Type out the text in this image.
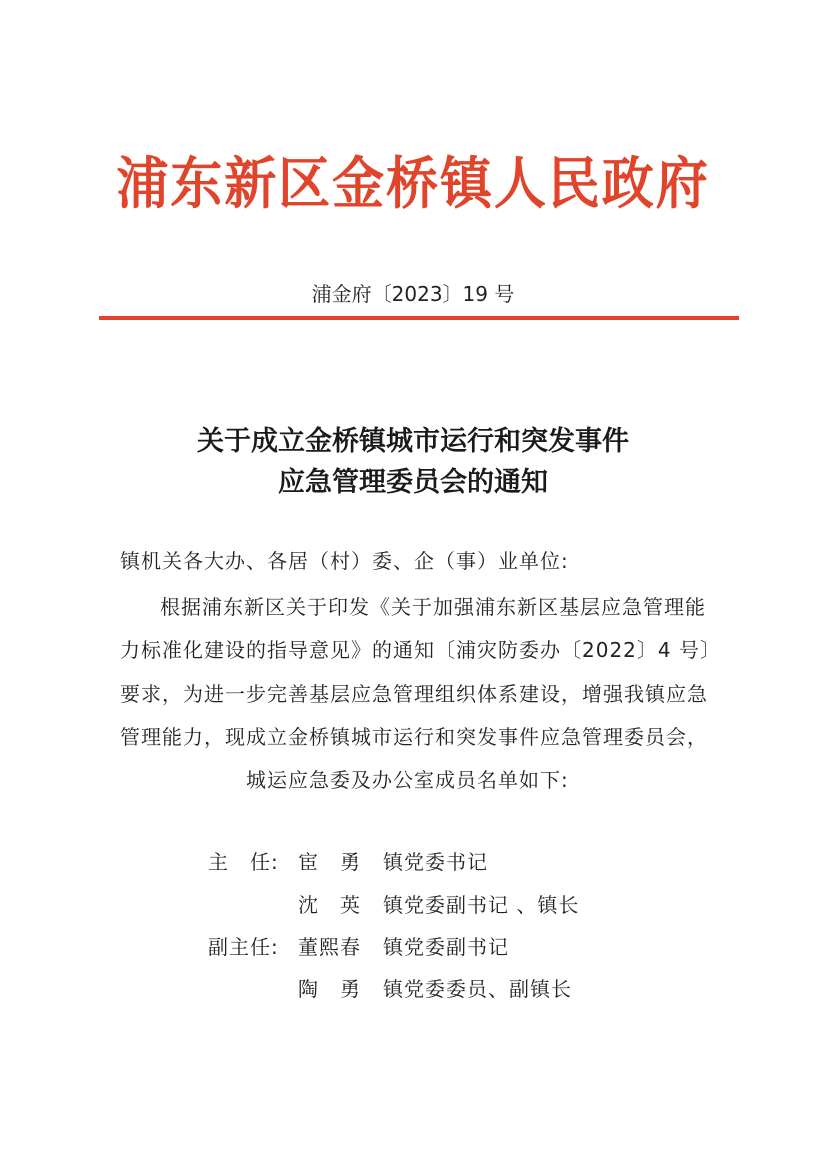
浦东新区金桥镇人民政府
浦金府〔2023〕19 号
关于成立金桥镇城市运行和突发事件
应急管理委员会的通知
镇机关各大办、各居（村）委、企（事）业单位:
根据浦东新区关于印发《关于加强浦东新区基层应急管理能
力标准化建设的指导意见》的通知〔浦灾防委办〔2022〕4 号〕
要求，为进一步完善基层应急管理组织体系建设，增强我镇应急
管理能力，现成立金桥镇城市运行和突发事件应急管理委员会，
城运应急委及办公室成员名单如下:
主　任: 宦　勇 镇党委书记
沈　英 镇党委副书记 、镇长
副主任: 董熙春 镇党委副书记
陶　勇 镇党委委员、副镇长
